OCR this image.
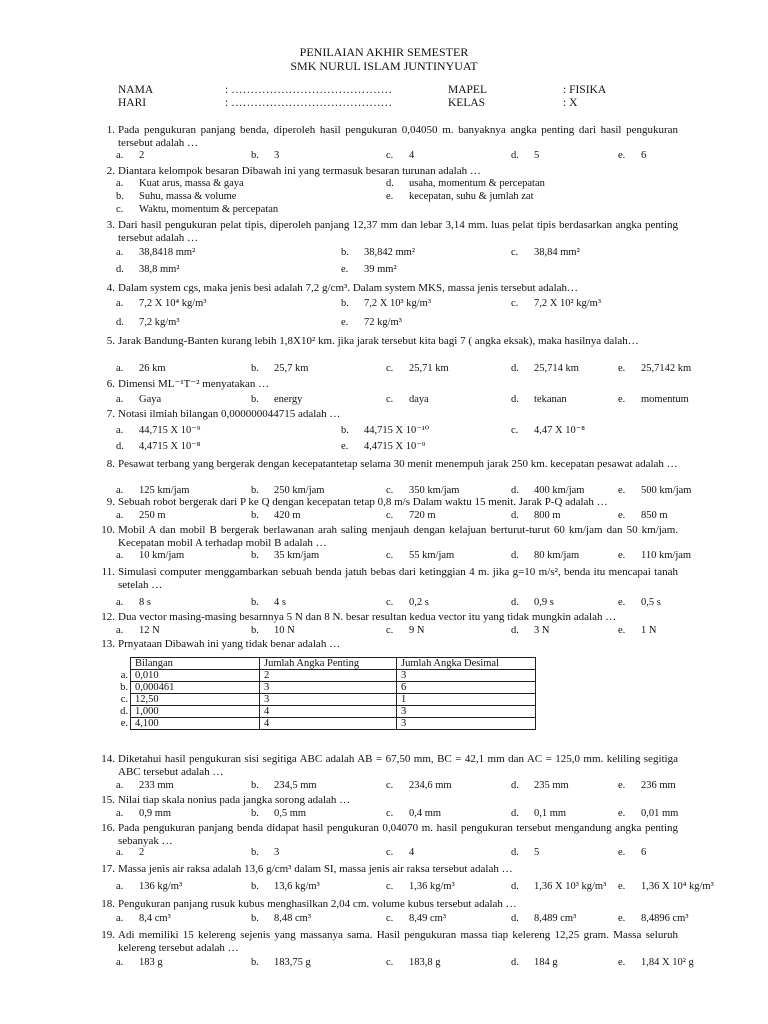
PENILAIAN AKHIR SEMESTER
SMK NURUL ISLAM JUNTINYUAT
NAMA	: ……………………………………
HARI	: ……………………………………
MAPEL	: FISIKA
KELAS	: X
1. Pada pengukuran panjang benda, diperoleh hasil pengukuran 0,04050 m. banyaknya angka penting dari hasil pengukuran tersebut adalah …
a. 2	b. 3	c. 4	d. 5	e. 6
2. Diantara kelompok besaran Dibawah ini yang termasuk besaran turunan adalah …
a. Kuat arus, massa & gaya
b. Suhu, massa & volume
c. Waktu, momentum & percepatan
d. usaha, momentum & percepatan
e. kecepatan, suhu & jumlah zat
3. Dari hasil pengukuran pelat tipis, diperoleh panjang 12,37 mm dan lebar 3,14 mm. luas pelat tipis berdasarkan angka penting tersebut adalah …
a. 38,8418 mm²	b. 38,842 mm²	c. 38,84 mm²
d. 38,8 mm²	e. 39 mm²
4. Dalam system cgs, maka jenis besi adalah 7,2 g/cm³. Dalam system MKS, massa jenis tersebut adalah…
a. 7,2 X 10⁴ kg/m³	b. 7,2 X 10³ kg/m³	c. 7,2 X 10² kg/m³
d. 7,2 kg/m³	e. 72 kg/m³
5. Jarak Bandung-Banten kurang lebih 1,8X10² km. jika jarak tersebut kita bagi 7 ( angka eksak), maka hasilnya dalah…
a. 26 km	b. 25,7 km	c. 25,71 km	d. 25,714 km	e. 25,7142 km
6. Dimensi ML⁻¹T⁻² menyatakan …
a. Gaya	b. energy	c. daya	d. tekanan	e. momentum
7. Notasi ilmiah bilangan 0,000000044715 adalah …
a. 44,715 X 10⁻⁹	b. 44,715 X 10⁻¹⁰	c. 4,47 X 10⁻⁸
d. 4,4715 X 10⁻⁸	e. 4,4715 X 10⁻⁹
8. Pesawat terbang yang bergerak dengan kecepatantetap selama 30 menit menempuh jarak 250 km. kecepatan pesawat adalah …
a. 125 km/jam	b. 250 km/jam	c. 350 km/jam	d. 400 km/jam	e. 500 km/jam
9. Sebuah robot bergerak dari P ke Q dengan kecepatan tetap 0,8 m/s Dalam waktu 15 menit. Jarak P-Q adalah …
a. 250 m	b. 420 m	c. 720 m	d. 800 m	e. 850 m
10. Mobil A dan mobil B bergerak berlawanan arah saling menjauh dengan kelajuan berturut-turut 60 km/jam dan 50 km/jam. Kecepatan mobil A terhadap mobil B adalah …
a. 10 km/jam	b. 35 km/jam	c. 55 km/jam	d. 80 km/jam	e. 110 km/jam
11. Simulasi computer menggambarkan sebuah benda jatuh bebas dari ketinggian 4 m. jika g=10 m/s², benda itu mencapai tanah setelah …
a. 8 s	b. 4 s	c. 0,2 s	d. 0,9 s	e. 0,5 s
12. Dua vector masing-masing besarnnya 5 N dan 8 N. besar resultan kedua vector itu yang tidak mungkin adalah …
a. 12 N	b. 10 N	c. 9 N	d. 3 N	e. 1 N
13. Prnyataan Dibawah ini yang tidak benar adalah …
14. Diketahui hasil pengukuran sisi segitiga ABC adalah AB = 67,50 mm, BC = 42,1 mm dan AC = 125,0 mm. keliling segitiga ABC tersebut adalah …
a. 233 mm	b. 234,5 mm	c. 234,6 mm	d. 235 mm	e. 236 mm
15. Nilai tiap skala nonius pada jangka sorong adalah …
a. 0,9 mm	b. 0,5 mm	c. 0,4 mm	d. 0,1 mm	e. 0,01 mm
16. Pada pengukuran panjang benda didapat hasil pengukuran 0,04070 m. hasil pengukuran tersebut mengandung angka penting sebanyak …
a. 2	b. 3	c. 4	d. 5	e. 6
17. Massa jenis air raksa adalah 13,6 g/cm³ dalam SI, massa jenis air raksa tersebut adalah …
a. 136 kg/m³	b. 13,6 kg/m³	c. 1,36 kg/m³	d. 1,36 X 10³ kg/m³	e. 1,36 X 10⁴ kg/m³
18. Pengukuran panjang rusuk kubus menghasilkan 2,04 cm. volume kubus tersebut adalah …
a. 8,4 cm³	b. 8,48 cm³	c. 8,49 cm³	d. 8,489 cm³	e. 8,4896 cm³
19. Adi memiliki 15 kelereng sejenis yang massanya sama. Hasil pengukuran massa tiap kelereng 12,25 gram. Massa seluruh kelereng tersebut adalah …
a. 183 g	b. 183,75 g	c. 183,8 g	d. 184 g	e. 1,84 X 10² g
	Bilangan	Jumlah Angka Penting	Jumlah Angka Desimal
a.	0,010	2	3
b.	0,000461	3	6
c.	12,50	3	1
d.	1,000	4	3
e.	4,100	4	3
